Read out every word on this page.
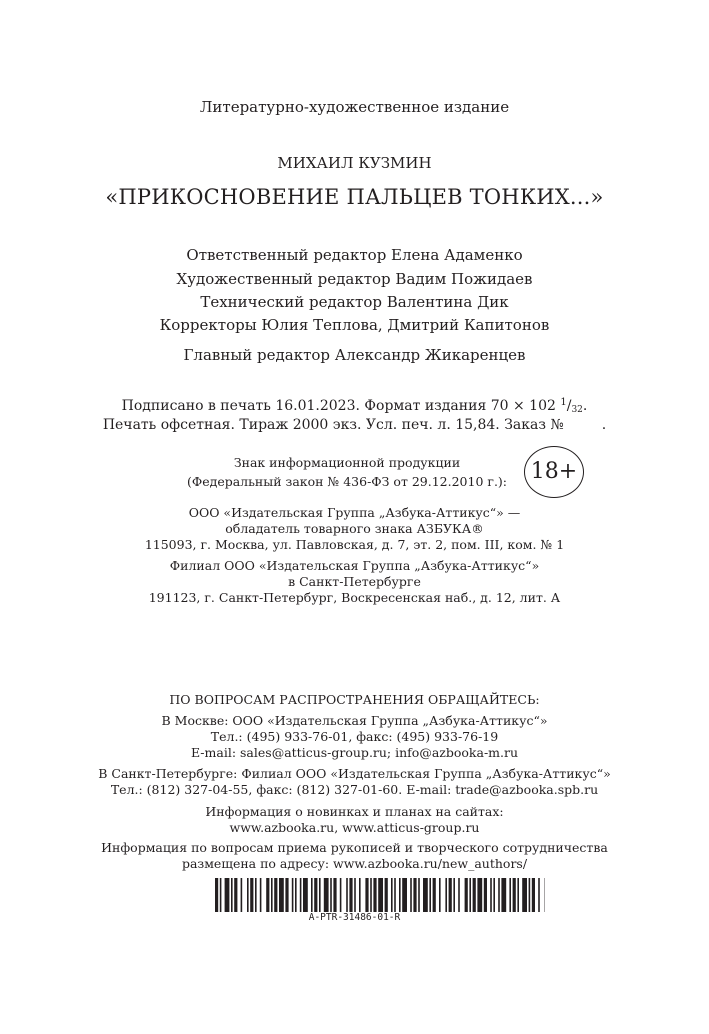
Литературно-художественное издание
МИХАИЛ КУЗМИН
«ПРИКОСНОВЕНИЕ ПАЛЬЦЕВ ТОНКИХ...»
Ответственный редактор Елена Адаменко
Художественный редактор Вадим Пожидаев
Технический редактор Валентина Дик
Корректоры Юлия Теплова, Дмитрий Капитонов
Главный редактор Александр Жикаренцев
Подписано в печать 16.01.2023. Формат издания 70 × 102 $^1/_{32}$.
Печать офсетная. Тираж 2000 экз. Усл. печ. л. 15,84. Заказ №	.
Знак информационной продукции
(Федеральный закон № 436-ФЗ от 29.12.2010 г.):	18+
ООО «Издательская Группа „Азбука-Аттикус“» —
обладатель товарного знака АЗБУКА®
115093, г. Москва, ул. Павловская, д. 7, эт. 2, пом. III, ком. № 1
Филиал ООО «Издательская Группа „Азбука-Аттикус“»
в Санкт-Петербурге
191123, г. Санкт-Петербург, Воскресенская наб., д. 12, лит. А
ПО ВОПРОСАМ РАСПРОСТРАНЕНИЯ ОБРАЩАЙТЕСЬ:
В Москве: ООО «Издательская Группа „Азбука-Аттикус“»
Тел.: (495) 933-76-01, факс: (495) 933-76-19
E-mail: sales@atticus-group.ru; info@azbooka-m.ru
В Санкт-Петербурге: Филиал ООО «Издательская Группа „Азбука-Аттикус“»
Тел.: (812) 327-04-55, факс: (812) 327-01-60. E-mail: trade@azbooka.spb.ru
Информация о новинках и планах на сайтах:
www.azbooka.ru, www.atticus-group.ru
Информация по вопросам приема рукописей и творческого сотрудничества
размещена по адресу: www.azbooka.ru/new_authors/
A-PTR-31486-01-R
